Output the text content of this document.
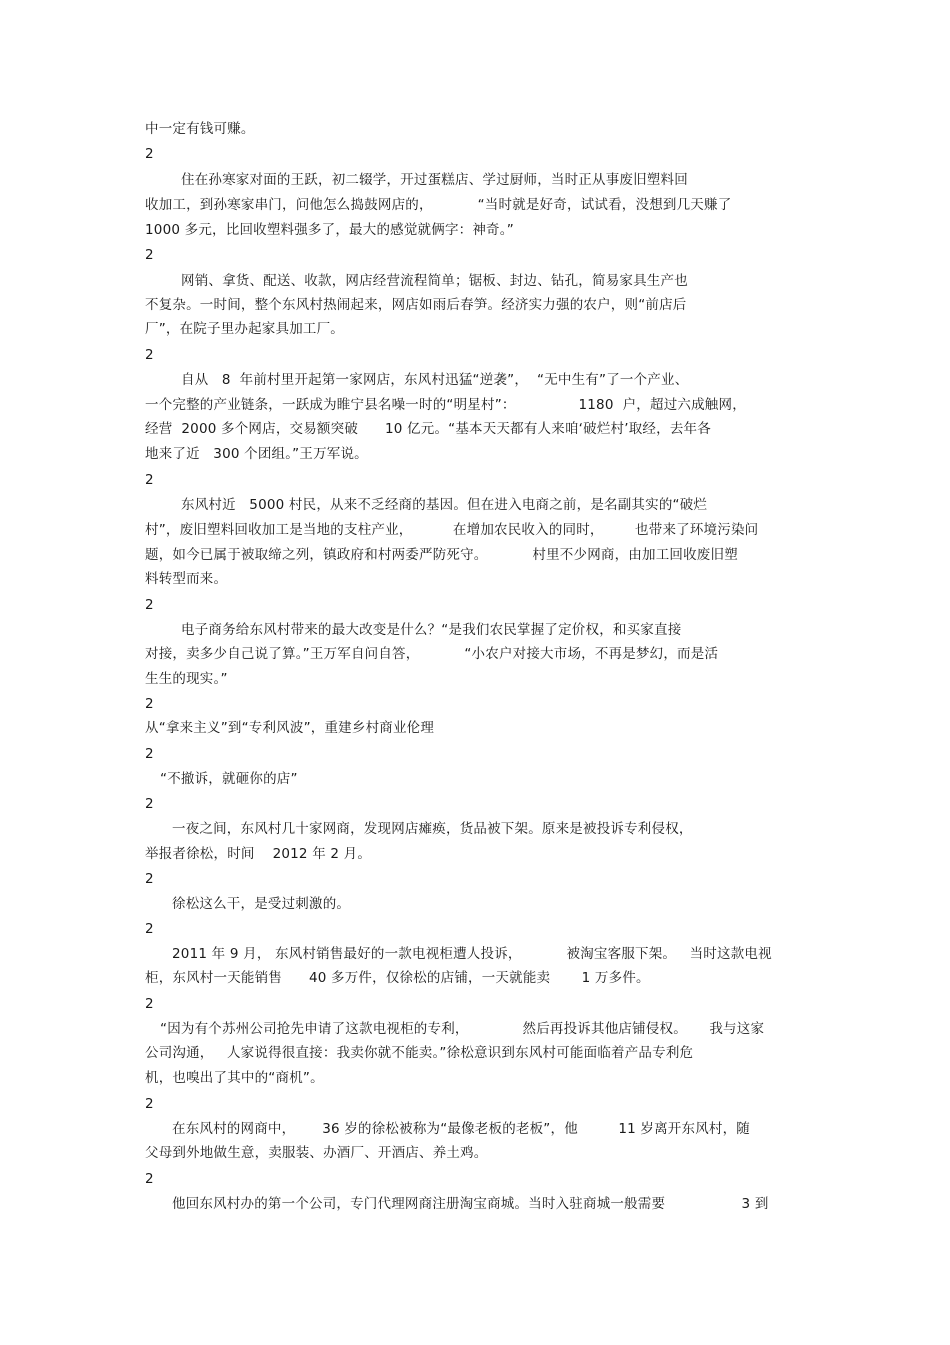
中一定有钱可赚。
2
住在孙寒家对面的王跃，初二辍学，开过蛋糕店、学过厨师，当时正从事废旧塑料回
收加工，到孙寒家串门，问他怎么捣鼓网店的，          “当时就是好奇，试试看，没想到几天赚了
1000 多元，比回收塑料强多了，最大的感觉就俩字：神奇。”
2
网销、拿货、配送、收款，网店经营流程简单；锯板、封边、钻孔，简易家具生产也
不复杂。一时间，整个东风村热闹起来，网店如雨后春笋。经济实力强的农户，则“前店后
厂”，在院子里办起家具加工厂。
2
自从   8  年前村里开起第一家网店，东风村迅猛“逆袭”，  “无中生有”了一个产业、
一个完整的产业链条，一跃成为睢宁县名噪一时的“明星村”：              1180  户，超过六成触网，
经营  2000 多个网店，交易额突破      10 亿元。“基本天天都有人来咱‘破烂村’取经，去年各
地来了近   300 个团组。”王万军说。
2
东风村近   5000 村民，从来不乏经商的基因。但在进入电商之前，是名副其实的“破烂
村”，废旧塑料回收加工是当地的支柱产业，         在增加农民收入的同时，       也带来了环境污染问
题，如今已属于被取缔之列，镇政府和村两委严防死守。          村里不少网商，由加工回收废旧塑
料转型而来。
2
电子商务给东风村带来的最大改变是什么？“是我们农民掌握了定价权，和买家直接
对接，卖多少自己说了算。”王万军自问自答，          “小农户对接大市场，不再是梦幻，而是活
生生的现实。”
2
从“拿来主义”到“专利风波”，重建乡村商业伦理
2
“不撤诉，就砸你的店”
2
一夜之间，东风村几十家网商，发现网店瘫痪，货品被下架。原来是被投诉专利侵权，
举报者徐松，时间    2012 年 2 月。
2
徐松这么干，是受过刺激的。
2
2011 年 9 月， 东风村销售最好的一款电视柜遭人投诉，          被淘宝客服下架。   当时这款电视
柜，东风村一天能销售      40 多万件，仅徐松的店铺，一天就能卖       1 万多件。
2
“因为有个苏州公司抢先申请了这款电视柜的专利，            然后再投诉其他店铺侵权。     我与这家
公司沟通，   人家说得很直接：我卖你就不能卖。”徐松意识到东风村可能面临着产品专利危
机，也嗅出了其中的“商机”。
2
在东风村的网商中，      36 岁的徐松被称为“最像老板的老板”，他         11 岁离开东风村，随
父母到外地做生意，卖服装、办酒厂、开酒店、养土鸡。
2
他回东风村办的第一个公司，专门代理网商注册淘宝商城。当时入驻商城一般需要                 3 到
